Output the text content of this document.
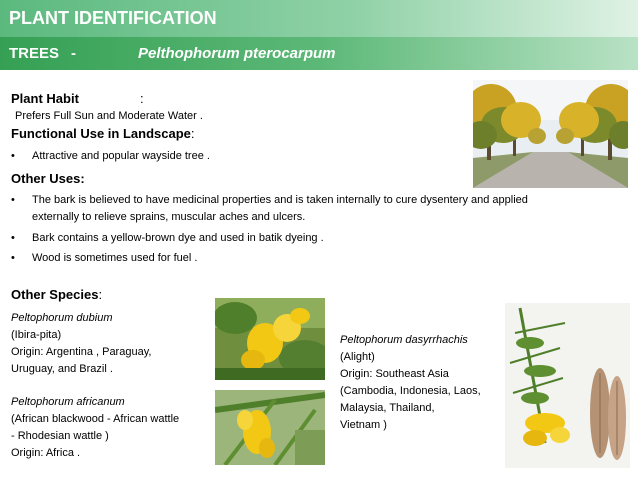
PLANT IDENTIFICATION
TREES -	Pelthophorum pterocarpum
Plant Habit	:
Prefers Full Sun and Moderate Water .
Functional Use in Landscape:
• Attractive and popular wayside tree .
Other Uses:
• The bark is believed to have medicinal properties and is taken internally to cure dysentery and applied
externally to relieve sprains, muscular aches and ulcers.
• Bark contains a yellow-brown dye and used in batik dyeing .
• Wood is sometimes used for fuel .
Other Species:
Peltophorum dubium
(Ibira-pita)
Origin: Argentina , Paraguay,
Uruguay, and Brazil .
Peltophorum africanum
(African blackwood - African wattle
- Rhodesian wattle )
Origin: Africa .
Peltophorum dasyrrhachis
(Alight)
Origin: Southeast Asia
(Cambodia, Indonesia, Laos,
Malaysia, Thailand,
Vietnam )
